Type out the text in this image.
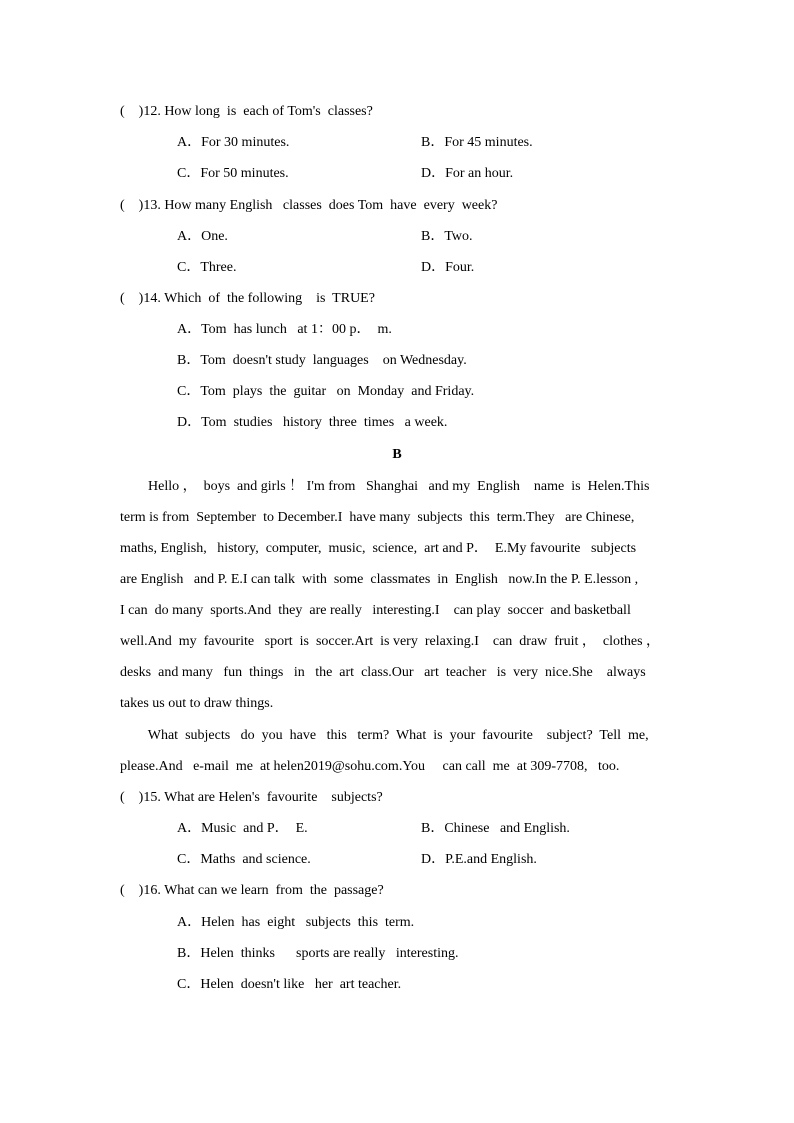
(    )12. How long  is  each of Tom's  classes?
A．For 30 minutes.	B．For 45 minutes.
C．For 50 minutes.	D．For an hour.
(    )13. How many English   classes  does Tom  have  every  week?
A．One.	B．Two.
C．Three.	D．Four.
(    )14. Which  of  the following    is  TRUE?
A．Tom  has lunch   at 1：00 p．  m.
B．Tom  doesn't study  languages    on Wednesday.
C．Tom  plays  the  guitar   on  Monday  and Friday.
D．Tom  studies   history  three  times   a week.
B
Hello ，  boys  and girls ！ I'm from   Shanghai   and my  English    name  is  Helen.This
term is from  September  to December.I  have many  subjects  this  term.They   are Chinese,
maths, English,   history,  computer,  music,  science,  art and P．  E.My favourite   subjects
are English   and P. E.I can talk  with  some  classmates  in  English   now.In the P. E.lesson ,
I can  do many  sports.And  they  are really   interesting.I    can play  soccer  and basketball
well.And  my  favourite   sport  is  soccer.Art  is very  relaxing.I    can  draw  fruit ，  clothes ，
desks  and many   fun  things   in   the  art  class.Our   art  teacher   is  very  nice.She    always
takes us out to draw things.
What  subjects   do  you  have   this   term?  What  is  your  favourite    subject?  Tell  me,
please.And   e-mail  me  at helen2019@sohu.com.You     can call  me  at 309-7708,   too.
(    )15. What are Helen's  favourite    subjects?
A．Music  and P．  E.	B．Chinese   and English.
C．Maths  and science.	D．P.E.and English.
(    )16. What can we learn  from  the  passage?
A．Helen  has  eight   subjects  this  term.
B．Helen  thinks      sports are really   interesting.
C．Helen  doesn't like   her  art teacher.
